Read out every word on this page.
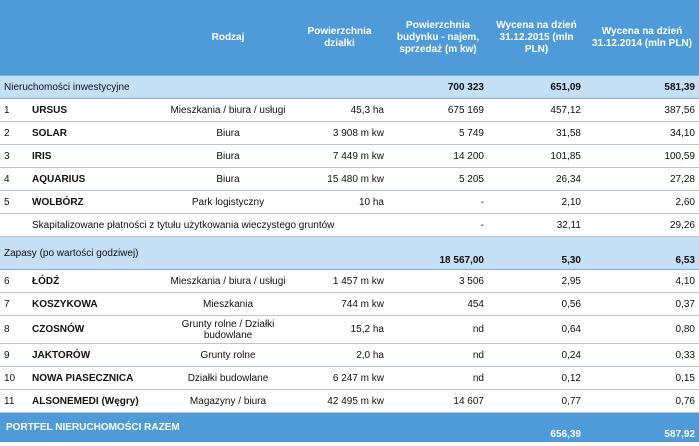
		Rodzaj	Powierzchnia działki	Powierzchnia budynku - najem, sprzedaż (m kw)	Wycena na dzień 31.12.2015 (mln PLN)	Wycena na dzień 31.12.2014 (mln PLN)
Nieruchomości inwestycyjne				700 323	651,09	581,39
1	URSUS	Mieszkania / biura / usługi	45,3 ha	675 169	457,12	387,56
2	SOLAR	Biura	3 908 m kw	5 749	31,58	34,10
3	IRIS	Biura	7 449 m kw	14 200	101,85	100,59
4	AQUARIUS	Biura	15 480 m kw	5 205	26,34	27,28
5	WOLBÓRZ	Park logistyczny	10 ha	-	2,10	2,60
	Skapitalizowane płatności z tytułu użytkowania wieczystego gruntów			-	32,11	29,26
Zapasy (po wartości godziwej)				18 567,00	5,30	6,53
6	ŁÓDŹ	Mieszkania / biura / usługi	1 457 m kw	3 506	2,95	4,10
7	KOSZYKOWA	Mieszkania	744 m kw	454	0,56	0,37
8	CZOSNÓW	Grunty rolne / Działki budowlane	15,2 ha	nd	0,64	0,80
9	JAKTORÓW	Grunty rolne	2,0 ha	nd	0,24	0,33
10	NOWA PIASECZNICA	Działki budowlane	6 247 m kw	nd	0,12	0,15
11	ALSONEMEDI (Węgry)	Magazyny / biura	42 495 m kw	14 607	0,77	0,76
PORTFEL NIERUCHOMOŚCI RAZEM					656,39	587,92
